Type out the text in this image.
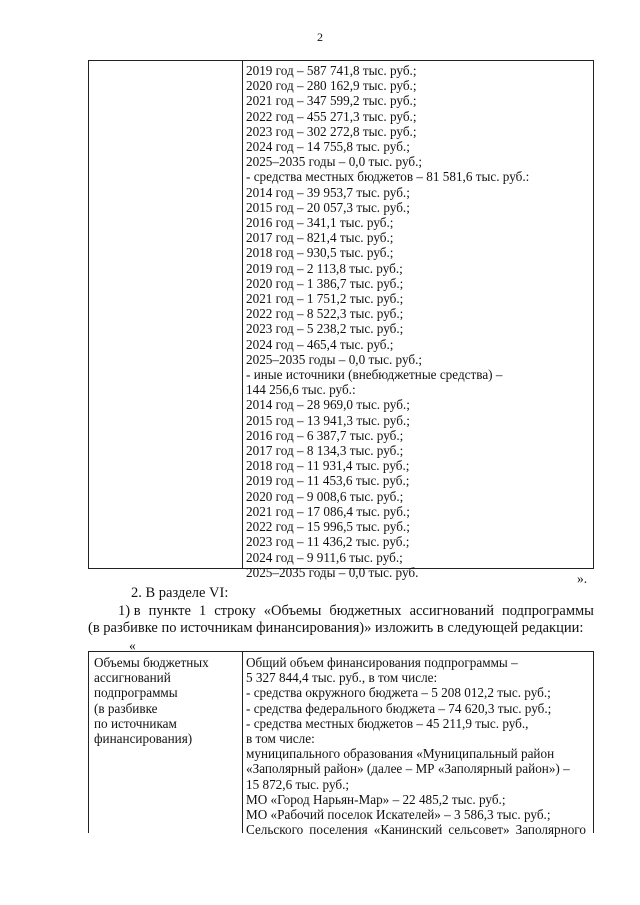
2
2019 год – 587 741,8 тыс. руб.;
2020 год – 280 162,9 тыс. руб.;
2021 год – 347 599,2 тыс. руб.;
2022 год – 455 271,3 тыс. руб.;
2023 год – 302 272,8 тыс. руб.;
2024 год – 14 755,8 тыс. руб.;
2025–2035 годы – 0,0 тыс. руб.;
- средства местных бюджетов – 81 581,6 тыс. руб.:
2014 год – 39 953,7 тыс. руб.;
2015 год – 20 057,3 тыс. руб.;
2016 год – 341,1 тыс. руб.;
2017 год – 821,4 тыс. руб.;
2018 год – 930,5 тыс. руб.;
2019 год – 2 113,8 тыс. руб.;
2020 год – 1 386,7 тыс. руб.;
2021 год – 1 751,2 тыс. руб.;
2022 год – 8 522,3 тыс. руб.;
2023 год – 5 238,2 тыс. руб.;
2024 год – 465,4 тыс. руб.;
2025–2035 годы – 0,0 тыс. руб.;
- иные источники (внебюджетные средства) –
144 256,6 тыс. руб.:
2014 год – 28 969,0 тыс. руб.;
2015 год – 13 941,3 тыс. руб.;
2016 год – 6 387,7 тыс. руб.;
2017 год – 8 134,3 тыс. руб.;
2018 год – 11 931,4 тыс. руб.;
2019 год – 11 453,6 тыс. руб.;
2020 год – 9 008,6 тыс. руб.;
2021 год – 17 086,4 тыс. руб.;
2022 год – 15 996,5 тыс. руб.;
2023 год – 11 436,2 тыс. руб.;
2024 год – 9 911,6 тыс. руб.;
2025–2035 годы – 0,0 тыс. руб.	».
2. В разделе VI:
1) в пункте 1 строку «Объемы бюджетных ассигнований подпрограммы
(в разбивке по источникам финансирования)» изложить в следующей редакции:
«
Объемы бюджетных
ассигнований
подпрограммы
(в разбивке
по источникам
финансирования)
Общий объем финансирования подпрограммы –
5 327 844,4 тыс. руб., в том числе:
- средства окружного бюджета – 5 208 012,2 тыс. руб.;
- средства федерального бюджета – 74 620,3 тыс. руб.;
- средства местных бюджетов – 45 211,9 тыс. руб.,
в том числе:
муниципального образования «Муниципальный район
«Заполярный район» (далее – МР «Заполярный район») –
15 872,6 тыс. руб.;
МО «Город Нарьян-Мар» – 22 485,2 тыс. руб.;
МО «Рабочий поселок Искателей» – 3 586,3 тыс. руб.;
Сельского поселения «Канинский сельсовет» Заполярного
